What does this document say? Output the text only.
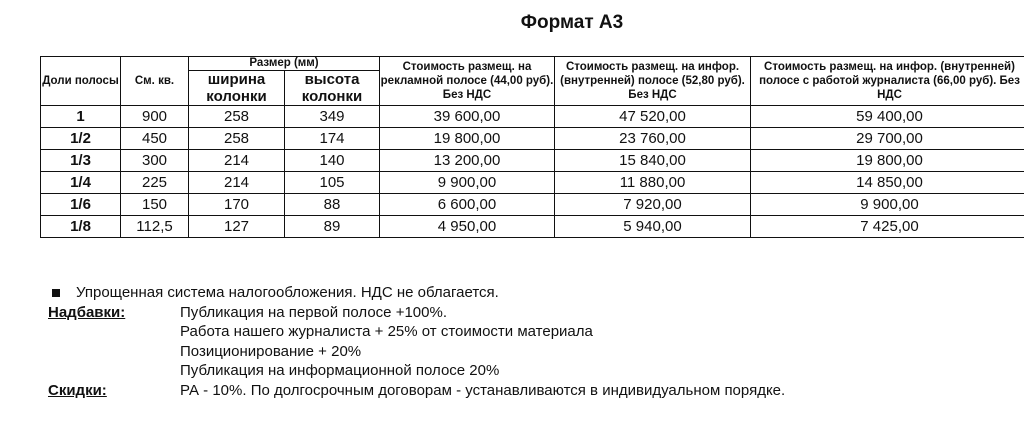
Формат А3
Доли полосы	См. кв.	Размер (мм)		Стоимость размещ. на рекламной полосе (44,00 руб). Без НДС	Стоимость размещ. на инфор. (внутренней) полосе (52,80 руб). Без НДС	Стоимость размещ. на инфор. (внутренней) полосе с работой журналиста (66,00 руб). Без НДС
		ширина колонки	высота колонки			
1	900	258	349	39 600,00	47 520,00	59 400,00
1/2	450	258	174	19 800,00	23 760,00	29 700,00
1/3	300	214	140	13 200,00	15 840,00	19 800,00
1/4	225	214	105	9 900,00	11 880,00	14 850,00
1/6	150	170	88	6 600,00	7 920,00	9 900,00
1/8	112,5	127	89	4 950,00	5 940,00	7 425,00
Упрощенная система налогообложения. НДС не облагается.
Надбавки:	Публикация на первой полосе +100%.
Работа нашего журналиста + 25% от стоимости материала
Позиционирование + 20%
Публикация на информационной полосе 20%
Скидки:	РА - 10%. По долгосрочным договорам - устанавливаются в индивидуальном порядке.
